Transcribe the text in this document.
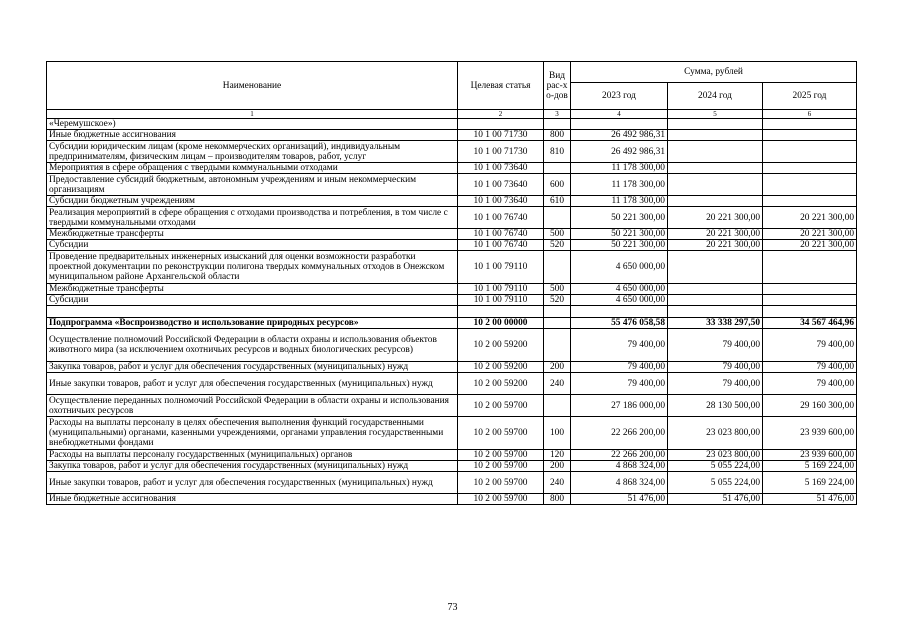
Наименование	Целевая статья	Вид рас-хо-дов	Сумма, рублей		
			2023 год	2024 год	2025 год
1	2	3	4	5	6
«Черемушское»)					
Иные бюджетные ассигнования	10 1 00 71730	800	26 492 986,31		
Субсидии юридическим лицам (кроме некоммерческих организаций), индивидуальным предпринимателям, физическим лицам – производителям товаров, работ, услуг	10 1 00 71730	810	26 492 986,31		
Мероприятия в сфере обращения с твердыми коммунальными отходами	10 1 00 73640		11 178 300,00		
Предоставление субсидий бюджетным, автономным учреждениям и иным некоммерческим организациям	10 1 00 73640	600	11 178 300,00		
Субсидии бюджетным учреждениям	10 1 00 73640	610	11 178 300,00		
Реализация мероприятий в сфере обращения с отходами производства и потребления, в том числе с твердыми коммунальными отходами	10 1 00 76740		50 221 300,00	20 221 300,00	20 221 300,00
Межбюджетные трансферты	10 1 00 76740	500	50 221 300,00	20 221 300,00	20 221 300,00
Субсидии	10 1 00 76740	520	50 221 300,00	20 221 300,00	20 221 300,00
Проведение предварительных инженерных изысканий для оценки возможности разработки проектной документации по реконструкции полигона твердых коммунальных отходов в Онежском муниципальном районе Архангельской области	10 1 00 79110		4 650 000,00		
Межбюджетные трансферты	10 1 00 79110	500	4 650 000,00		
Субсидии	10 1 00 79110	520	4 650 000,00		

Подпрограмма «Воспроизводство и использование природных ресурсов»	10 2 00 00000		55 476 058,58	33 338 297,50	34 567 464,96
Осуществление полномочий Российской Федерации в области охраны и использования объектов животного мира (за исключением охотничьих ресурсов и водных биологических ресурсов)	10 2 00 59200		79 400,00	79 400,00	79 400,00
Закупка товаров, работ и услуг для обеспечения государственных (муниципальных) нужд	10 2 00 59200	200	79 400,00	79 400,00	79 400,00
Иные закупки товаров, работ и услуг для обеспечения государственных (муниципальных) нужд	10 2 00 59200	240	79 400,00	79 400,00	79 400,00
Осуществление переданных полномочий Российской Федерации в области охраны и использования охотничьих ресурсов	10 2 00 59700		27 186 000,00	28 130 500,00	29 160 300,00
Расходы на выплаты персоналу в целях обеспечения выполнения функций государственными (муниципальными) органами, казенными учреждениями, органами управления государственными внебюджетными фондами	10 2 00 59700	100	22 266 200,00	23 023 800,00	23 939 600,00
Расходы на выплаты персоналу государственных (муниципальных) органов	10 2 00 59700	120	22 266 200,00	23 023 800,00	23 939 600,00
Закупка товаров, работ и услуг для обеспечения государственных (муниципальных) нужд	10 2 00 59700	200	4 868 324,00	5 055 224,00	5 169 224,00
Иные закупки товаров, работ и услуг для обеспечения государственных (муниципальных) нужд	10 2 00 59700	240	4 868 324,00	5 055 224,00	5 169 224,00
Иные бюджетные ассигнования	10 2 00 59700	800	51 476,00	51 476,00	51 476,00
73
